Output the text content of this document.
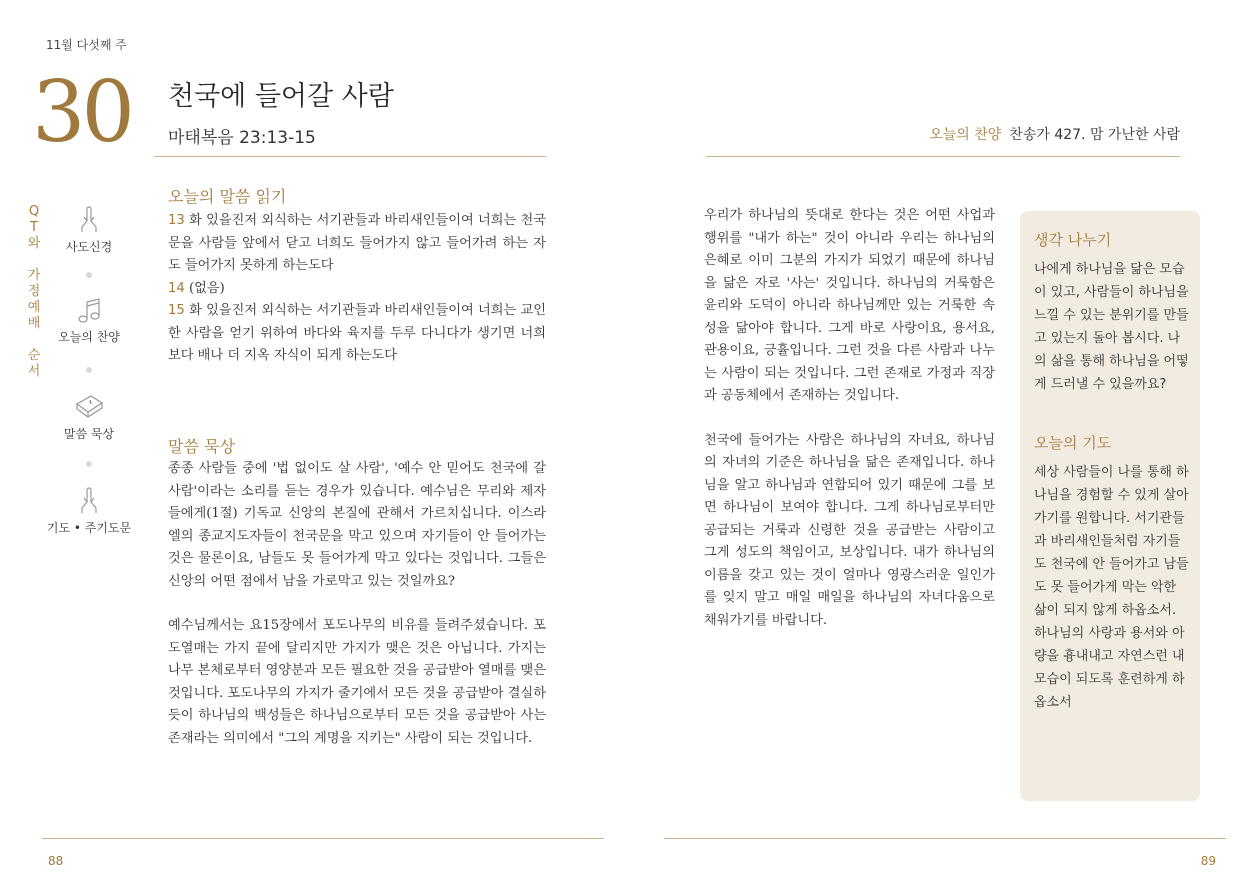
11월 다섯째 주
30 천국에 들어갈 사람
마태복음 23:13-15	오늘의 찬양 찬송가 427. 맘 가난한 사람
Q
T
와

가
정
예
배

순
서
사도신경
오늘의 찬양
말씀 묵상
기도 • 주기도문
오늘의 말씀 읽기
13 화 있을진저 외식하는 서기관들과 바리새인들이여 너희는 천국 문을 사람들 앞에서 닫고 너희도 들어가지 않고 들어가려 하는 자도 들어가지 못하게 하는도다
14 (없음)
15 화 있을진저 외식하는 서기관들과 바리새인들이여 너희는 교인 한 사람을 얻기 위하여 바다와 육지를 두루 다니다가 생기면 너희보다 배나 더 지옥 자식이 되게 하는도다
말씀 묵상

종종 사람들 중에 '법 없이도 살 사람', '예수 안 믿어도 천국에 갈 사람'이라는 소리를 듣는 경우가 있습니다. 예수님은 무리와 제자들에게(1절) 기독교 신앙의 본질에 관해서 가르치십니다. 이스라엘의 종교지도자들이 천국문을 막고 있으며 자기들이 안 들어가는 것은 물론이요, 남들도 못 들어가게 막고 있다는 것입니다. 그들은 신앙의 어떤 점에서 남을 가로막고 있는 것일까요?

예수님께서는 요15장에서 포도나무의 비유를 들려주셨습니다. 포도열매는 가지 끝에 달리지만 가지가 맺은 것은 아닙니다. 가지는 나무 본체로부터 영양분과 모든 필요한 것을 공급받아 열매를 맺은 것입니다. 포도나무의 가지가 줄기에서 모든 것을 공급받아 결실하듯이 하나님의 백성들은 하나님으로부터 모든 것을 공급받아 사는 존재라는 의미에서 "그의 계명을 지키는" 사람이 되는 것입니다.

우리가 하나님의 뜻대로 한다는 것은 어떤 사업과 행위를 "내가 하는" 것이 아니라 우리는 하나님의 은혜로 이미 그분의 가지가 되었기 때문에 하나님을 닮은 자로 '사는' 것입니다. 하나님의 거룩함은 윤리와 도덕이 아니라 하나님께만 있는 거룩한 속성을 닮아야 합니다. 그게 바로 사랑이요, 용서요, 관용이요, 긍휼입니다. 그런 것을 다른 사람과 나누는 사람이 되는 것입니다. 그런 존재로 가정과 직장과 공동체에서 존재하는 것입니다.

천국에 들어가는 사람은 하나님의 자녀요, 하나님의 자녀의 기준은 하나님을 닮은 존재입니다. 하나님을 알고 하나님과 연합되어 있기 때문에 그를 보면 하나님이 보여야 합니다. 그게 하나님로부터만 공급되는 거룩과 신령한 것을 공급받는 사람이고 그게 성도의 책임이고, 보상입니다. 내가 하나님의 이름을 갖고 있는 것이 얼마나 영광스러운 일인가를 잊지 말고 매일 매일을 하나님의 자녀다움으로 채워가기를 바랍니다.

생각 나누기

나에게 하나님을 닮은 모습이 있고, 사람들이 하나님을 느낄 수 있는 분위기를 만들고 있는지 돌아 봅시다. 나의 삶을 통해 하나님을 어떻게 드러낼 수 있을까요?

오늘의 기도

세상 사람들이 나를 통해 하나님을 경험할 수 있게 살아가기를 원합니다. 서기관들과 바리새인들처럼 자기들도 천국에 안 들어가고 남들도 못 들어가게 막는 악한 삶이 되지 않게 하옵소서. 하나님의 사랑과 용서와 아량을 흉내내고 자연스런 내 모습이 되도록 훈련하게 하옵소서

88	89
